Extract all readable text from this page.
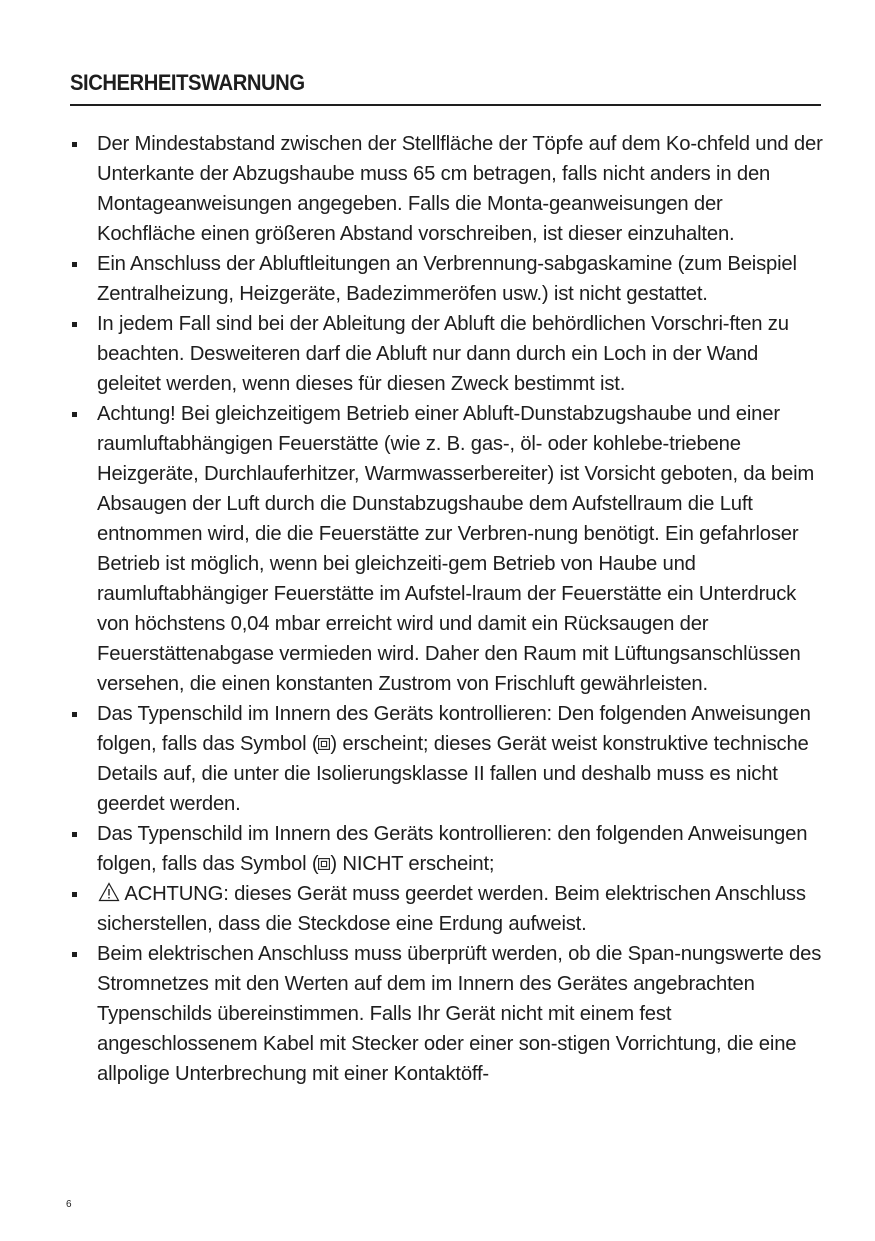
SICHERHEITSWARNUNG
Der Mindestabstand zwischen der Stellfläche der Töpfe auf dem Ko-chfeld und der Unterkante der Abzugshaube muss 65 cm betragen, falls nicht anders in den Montageanweisungen angegeben. Falls die Monta-geanweisungen der Kochfläche einen größeren Abstand vorschreiben, ist dieser einzuhalten.
Ein Anschluss der Abluftleitungen an Verbrennung-sabgaskamine (zum Beispiel Zentralheizung, Heizgeräte, Badezimmeröfen usw.) ist nicht gestattet.
In jedem Fall sind bei der Ableitung der Abluft die behördlichen Vorschri-ften zu beachten. Desweiteren darf die Abluft nur dann durch ein Loch in der Wand geleitet werden, wenn dieses für diesen Zweck bestimmt ist.
Achtung! Bei gleichzeitigem Betrieb einer Abluft-Dunstabzugshaube und einer raumluftabhängigen Feuerstätte (wie z. B. gas-, öl- oder kohlebe-triebene Heizgeräte, Durchlauferhitzer, Warmwasserbereiter) ist Vorsicht geboten, da beim Absaugen der Luft durch die Dunstabzugshaube dem Aufstellraum die Luft entnommen wird, die die Feuerstätte zur Verbren-nung benötigt. Ein gefahrloser Betrieb ist möglich, wenn bei gleichzeiti-gem Betrieb von Haube und raumluftabhängiger Feuerstätte im Aufstel-lraum der Feuerstätte ein Unterdruck von höchstens 0,04 mbar erreicht wird und damit ein Rücksaugen der Feuerstättenabgase vermieden wird. Daher den Raum mit Lüftungsanschlüssen versehen, die einen konstanten Zustrom von Frischluft gewährleisten.
Das Typenschild im Innern des Geräts kontrollieren: Den folgenden Anweisungen folgen, falls das Symbol ( ) erscheint; dieses Gerät weist konstruktive technische Details auf, die unter die Isolierungsklasse II fallen und deshalb muss es nicht geerdet werden.
Das Typenschild im Innern des Geräts kontrollieren: den folgenden Anweisungen folgen, falls das Symbol ( ) NICHT erscheint;
ACHTUNG: dieses Gerät muss geerdet werden. Beim elektrischen Anschluss sicherstellen, dass die Steckdose eine Erdung aufweist.
Beim elektrischen Anschluss muss überprüft werden, ob die Span-nungswerte des Stromnetzes mit den Werten auf dem im Innern des Gerätes angebrachten Typenschilds übereinstimmen. Falls Ihr Gerät nicht mit einem fest angeschlossenem Kabel mit Stecker oder einer son-stigen Vorrichtung, die eine allpolige Unterbrechung mit einer Kontaktöff-
6
